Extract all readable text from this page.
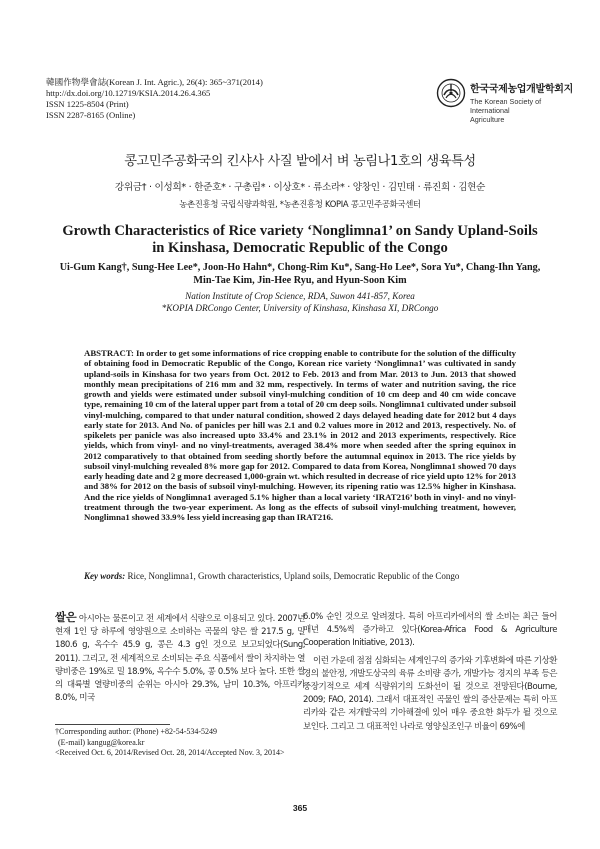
韓國作物學會誌(Korean J. Int. Agric.), 26(4): 365~371(2014)
http://dx.doi.org/10.12719/KSIA.2014.26.4.365
ISSN 1225-8504 (Print)
ISSN 2287-8165 (Online)
한국국제농업개발학회지
The Korean Society of International
Agriculture
콩고민주공화국의 킨샤사 사질 밭에서 벼 농림나1호의 생육특성
강위금† · 이성희* · 한준호* · 구총림* · 이상호* · 류소라* · 양창인 · 김민태 · 류진희 · 김현순
농촌진흥청 국립식량과학원, *농촌진흥청 KOPIA 콩고민주공화국센터
Growth Characteristics of Rice variety ‘Nonglimna1’ on Sandy Upland-Soils
in Kinshasa, Democratic Republic of the Congo
Ui-Gum Kang†, Sung-Hee Lee*, Joon-Ho Hahn*, Chong-Rim Ku*, Sang-Ho Lee*, Sora Yu*, Chang-Ihn Yang,
Min-Tae Kim, Jin-Hee Ryu, and Hyun-Soon Kim
Nation Institute of Crop Science, RDA, Suwon 441-857, Korea
*KOPIA DRCongo Center, University of Kinshasa, Kinshasa XI, DRCongo
ABSTRACT: In order to get some informations of rice cropping enable to contribute for the solution of the difficulty of obtaining food in Democratic Republic of the Congo, Korean rice variety ‘Nonglimna1’ was cultivated in sandy upland-soils in Kinshasa for two years from Oct. 2012 to Feb. 2013 and from Mar. 2013 to Jun. 2013 that showed monthly mean precipitations of 216 mm and 32 mm, respectively. In terms of water and nutrition saving, the rice growth and yields were estimated under subsoil vinyl-mulching condition of 10 cm deep and 40 cm wide concave type, remaining 10 cm of the lateral upper part from a total of 20 cm deep soils. Nonglimna1 cultivated under subsoil vinyl-mulching, compared to that under natural condition, showed 2 days delayed heading date for 2012 but 4 days early state for 2013. And No. of panicles per hill was 2.1 and 0.2 values more in 2012 and 2013, respectively. No. of spikelets per panicle was also increased upto 33.4% and 23.1% in 2012 and 2013 experiments, respectively. Rice yields, which from vinyl- and no vinyl-treatments, averaged 38.4% more when seeded after the spring equinox in 2012 comparatively to that obtained from seeding shortly before the autumnal equinox in 2013. The rice yields by subsoil vinyl-mulching revealed 8% more gap for 2012. Compared to data from Korea, Nonglimna1 showed 70 days early heading date and 2 g more decreased 1,000-grain wt. which resulted in decrease of rice yield upto 12% for 2013 and 38% for 2012 on the basis of subsoil vinyl-mulching. However, its ripening ratio was 12.5% higher in Kinshasa. And the rice yields of Nonglimna1 averaged 5.1% higher than a local variety ‘IRAT216’ both in vinyl- and no vinyl-treatment through the two-year experiment. As long as the effects of subsoil vinyl-mulching treatment, however, Nonglimna1 showed 33.9% less yield increasing gap than IRAT216.
Key words: Rice, Nonglimna1, Growth characteristics, Upland soils, Democratic Republic of the Congo

쌀은 아시아는 물론이고 전 세계에서 식량으로 이용되고 있다. 2007년 현재 1인 당 하루에 영양원으로 소비하는 곡물의 양은 쌀 217.5 g, 밀 180.6 g, 옥수수 45.9 g, 콩은 4.3 g인 것으로 보고되었다(Sung, 2011). 그리고, 전 세계적으로 소비되는 주요 식품에서 쌀이 차지하는 열량비중은 19%로 밀 18.9%, 옥수수 5.0%, 콩 0.5% 보다 높다. 또한 쌀의 대륙별 열량비중의 순위는 아시아 29.3%, 남미 10.3%, 아프리카 8.0%, 미국

6.0% 순인 것으로 알려졌다. 특히 아프리카에서의 쌀 소비는 최근 들어 매년 4.5%씩 증가하고 있다(Korea-Africa Food & Agriculture Cooperation Initiative, 2013).

이런 가운데 점점 심화되는 세계인구의 증가와 기후변화에 따른 기상환경의 불안정, 개발도상국의 육류 소비량 증가, 개발가능 경지의 부족 등은 중장기적으로 세계 식량위기의 도화선이 될 것으로 전망된다(Bourne, 2009; FAO, 2014). 그래서 대표적인 곡물인 쌀의 증산문제는 특히 아프리카와 같은 저개발국의 기아해결에 있어 매우 중요한 화두가 될 것으로 보인다. 그리고 그 대표적인 나라로 영양실조인구 비율이 69%에

†Corresponding author: (Phone) +82-54-534-5249
(E-mail) kangug@korea.kr
<Received Oct. 6, 2014/Revised Oct. 28, 2014/Accepted Nov. 3, 2014>
365
